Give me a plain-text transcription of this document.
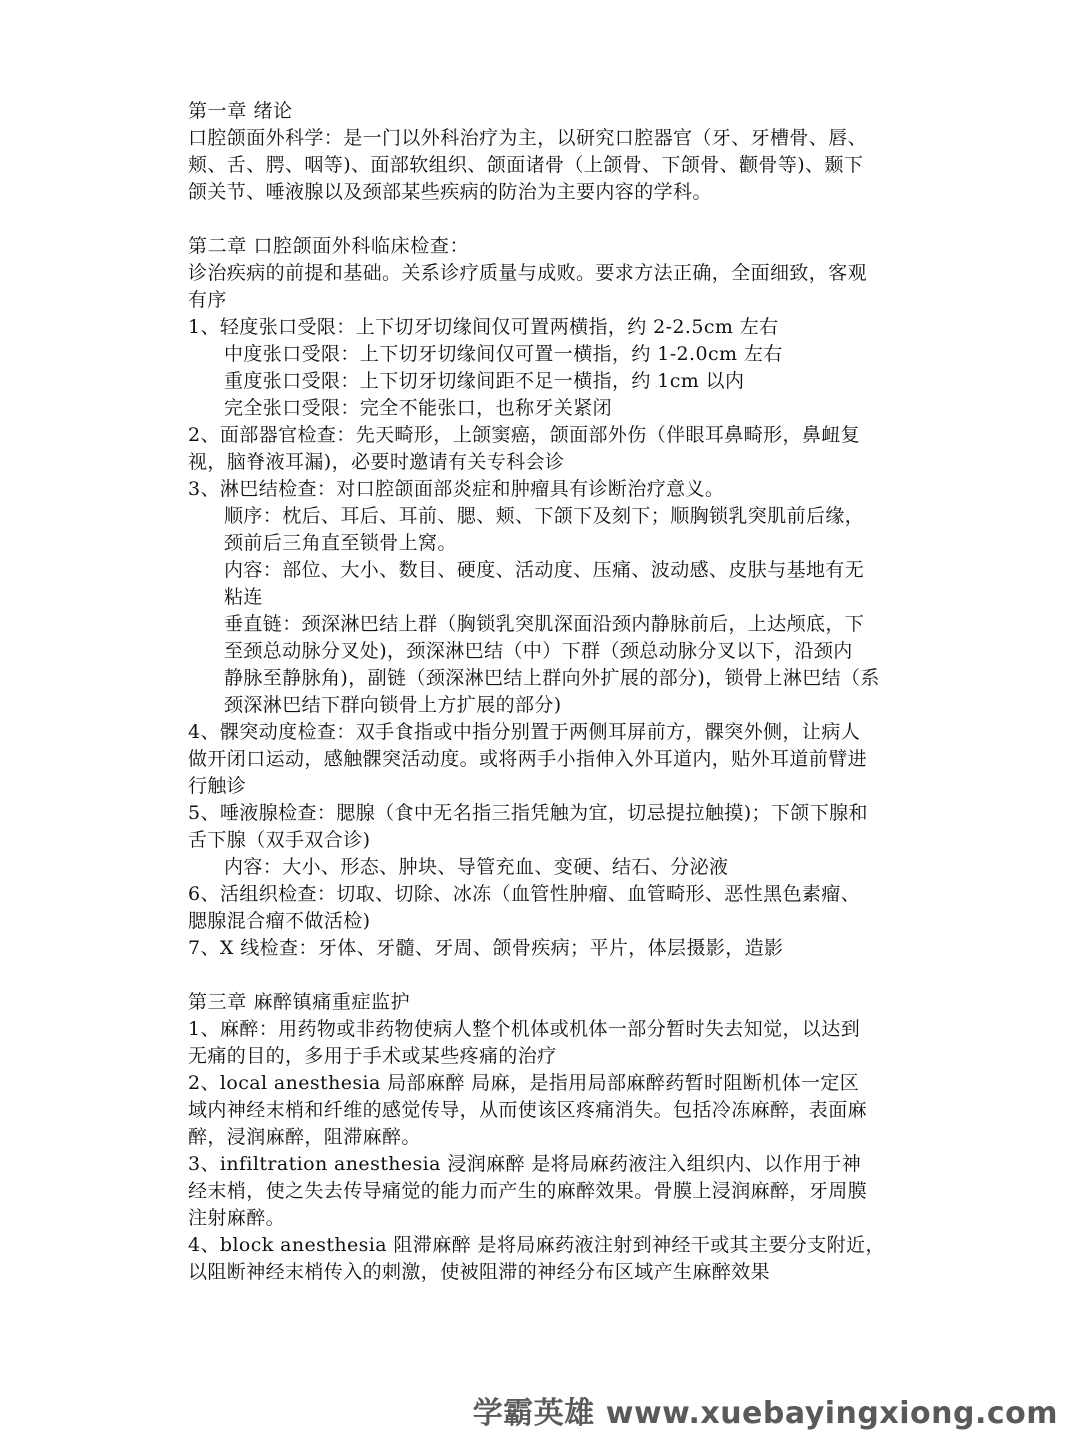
第一章 绪论
口腔颌面外科学：是一门以外科治疗为主，以研究口腔器官（牙、牙槽骨、唇、
颊、舌、腭、咽等)、面部软组织、颌面诸骨（上颌骨、下颌骨、颧骨等)、颞下
颌关节、唾液腺以及颈部某些疾病的防治为主要内容的学科。
第二章 口腔颌面外科临床检查：
诊治疾病的前提和基础。关系诊疗质量与成败。要求方法正确，全面细致，客观
有序
1、轻度张口受限：上下切牙切缘间仅可置两横指，约 2-2.5cm 左右
中度张口受限：上下切牙切缘间仅可置一横指，约 1-2.0cm 左右
重度张口受限：上下切牙切缘间距不足一横指，约 1cm 以内
完全张口受限：完全不能张口，也称牙关紧闭
2、面部器官检查：先天畸形，上颌窦癌，颌面部外伤（伴眼耳鼻畸形，鼻衄复
视，脑脊液耳漏)，必要时邀请有关专科会诊
3、淋巴结检查：对口腔颌面部炎症和肿瘤具有诊断治疗意义。
顺序：枕后、耳后、耳前、腮、颊、下颌下及刻下；顺胸锁乳突肌前后缘，
颈前后三角直至锁骨上窝。
内容：部位、大小、数目、硬度、活动度、压痛、波动感、皮肤与基地有无
粘连
垂直链：颈深淋巴结上群（胸锁乳突肌深面沿颈内静脉前后，上达颅底，下
至颈总动脉分叉处)，颈深淋巴结（中）下群（颈总动脉分叉以下，沿颈内
静脉至静脉角)，副链（颈深淋巴结上群向外扩展的部分)，锁骨上淋巴结（系
颈深淋巴结下群向锁骨上方扩展的部分)
4、髁突动度检查：双手食指或中指分别置于两侧耳屏前方，髁突外侧，让病人
做开闭口运动，感触髁突活动度。或将两手小指伸入外耳道内，贴外耳道前臂进
行触诊
5、唾液腺检查：腮腺（食中无名指三指凭触为宜，切忌提拉触摸)；下颌下腺和
舌下腺（双手双合诊)
内容：大小、形态、肿块、导管充血、变硬、结石、分泌液
6、活组织检查：切取、切除、冰冻（血管性肿瘤、血管畸形、恶性黑色素瘤、
腮腺混合瘤不做活检)
7、X 线检查：牙体、牙髓、牙周、颌骨疾病；平片，体层摄影，造影
第三章 麻醉镇痛重症监护
1、麻醉：用药物或非药物使病人整个机体或机体一部分暂时失去知觉，以达到
无痛的目的，多用于手术或某些疼痛的治疗
2、local anesthesia 局部麻醉 局麻，是指用局部麻醉药暂时阻断机体一定区
域内神经末梢和纤维的感觉传导，从而使该区疼痛消失。包括冷冻麻醉，表面麻
醉，浸润麻醉，阻滞麻醉。
3、infiltration anesthesia 浸润麻醉 是将局麻药液注入组织内、以作用于神
经末梢，使之失去传导痛觉的能力而产生的麻醉效果。骨膜上浸润麻醉，牙周膜
注射麻醉。
4、block anesthesia 阻滞麻醉 是将局麻药液注射到神经干或其主要分支附近，
以阻断神经末梢传入的刺激，使被阻滞的神经分布区域产生麻醉效果
学霸英雄 www.xuebayingxiong.com
